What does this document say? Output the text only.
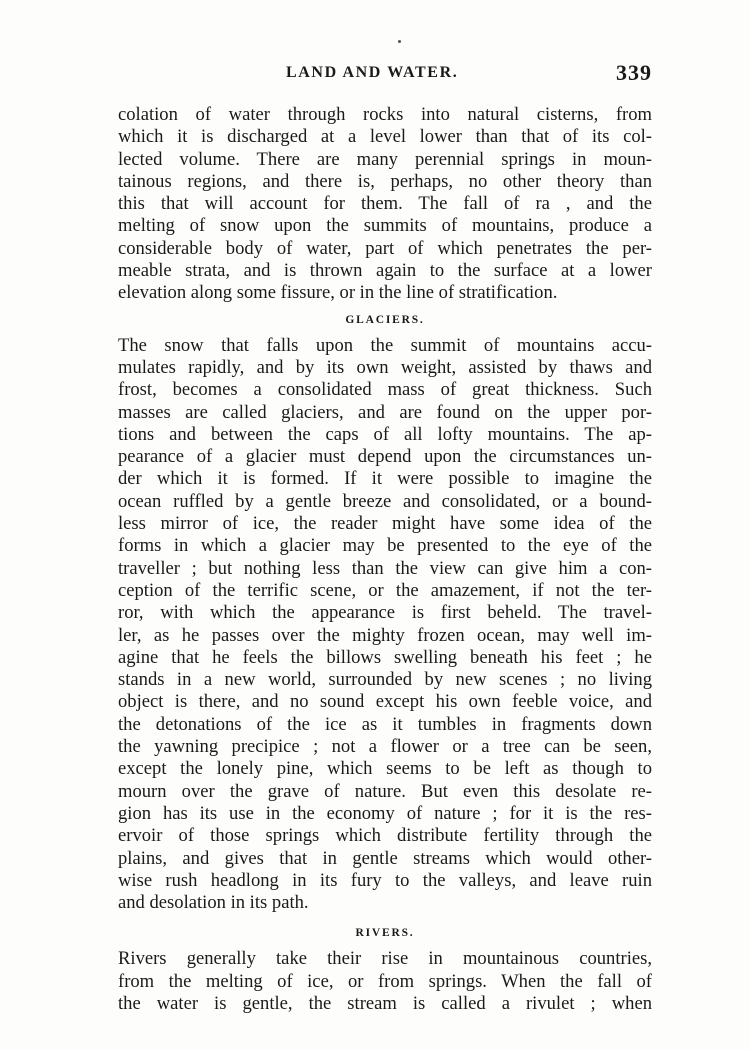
LAND AND WATER.	339
colation of water through rocks into natural cisterns, from
which it is discharged at a level lower than that of its col-
lected volume. There are many perennial springs in moun-
tainous regions, and there is, perhaps, no other theory than
this that will account for them. The fall of ra , and the
melting of snow upon the summits of mountains, produce a
considerable body of water, part of which penetrates the per-
meable strata, and is thrown again to the surface at a lower
elevation along some fissure, or in the line of stratification.
GLACIERS.
The snow that falls upon the summit of mountains accu-
mulates rapidly, and by its own weight, assisted by thaws and
frost, becomes a consolidated mass of great thickness. Such
masses are called glaciers, and are found on the upper por-
tions and between the caps of all lofty mountains. The ap-
pearance of a glacier must depend upon the circumstances un-
der which it is formed. If it were possible to imagine the
ocean ruffled by a gentle breeze and consolidated, or a bound-
less mirror of ice, the reader might have some idea of the
forms in which a glacier may be presented to the eye of the
traveller ; but nothing less than the view can give him a con-
ception of the terrific scene, or the amazement, if not the ter-
ror, with which the appearance is first beheld. The travel-
ler, as he passes over the mighty frozen ocean, may well im-
agine that he feels the billows swelling beneath his feet ; he
stands in a new world, surrounded by new scenes ; no living
object is there, and no sound except his own feeble voice, and
the detonations of the ice as it tumbles in fragments down
the yawning precipice ; not a flower or a tree can be seen,
except the lonely pine, which seems to be left as though to
mourn over the grave of nature. But even this desolate re-
gion has its use in the economy of nature ; for it is the res-
ervoir of those springs which distribute fertility through the
plains, and gives that in gentle streams which would other-
wise rush headlong in its fury to the valleys, and leave ruin
and desolation in its path.
RIVERS.
Rivers generally take their rise in mountainous countries,
from the melting of ice, or from springs. When the fall of
the water is gentle, the stream is called a rivulet ; when
